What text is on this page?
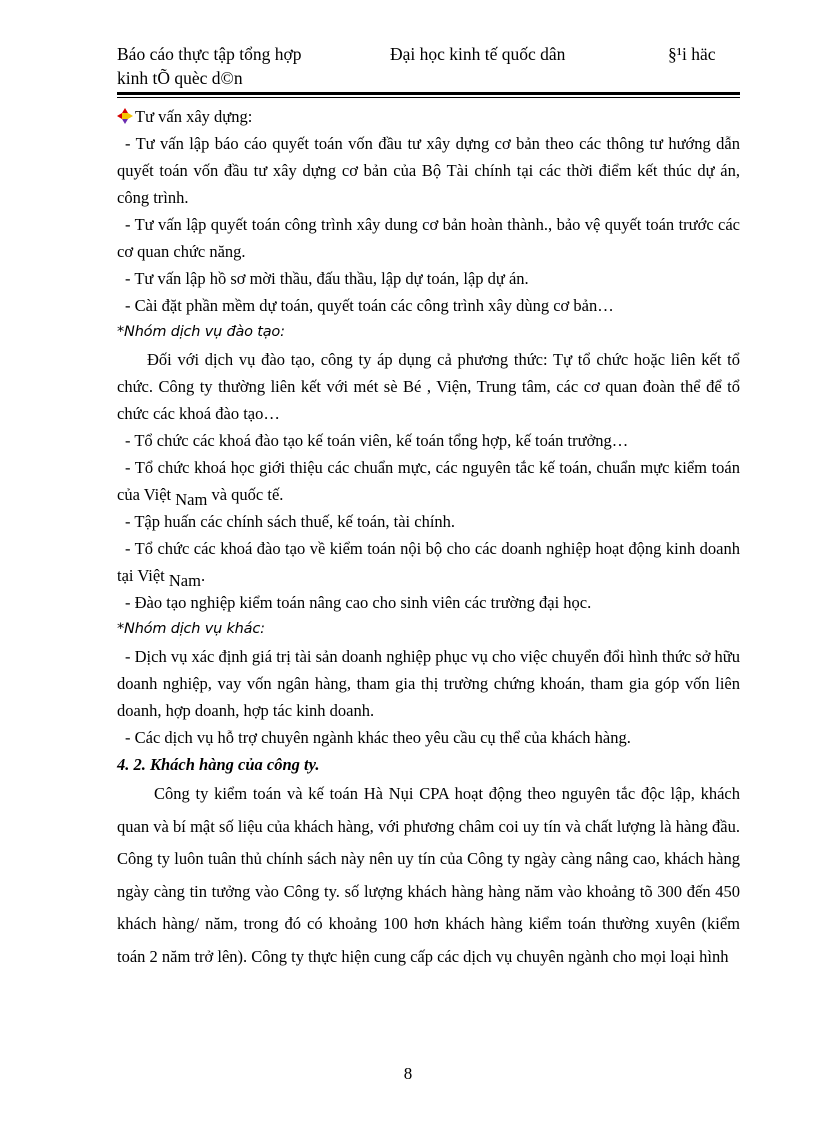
Báo cáo thực tập tổng hợp
kinh tÕ quèc d©n
Đại học kinh tế quốc dân	§¹i häc

Tư vấn xây dựng:

- Tư vấn lập báo cáo quyết toán vốn đầu tư xây dựng cơ bản theo các thông tư hướng dẫn quyết toán vốn đầu tư xây dựng cơ bản của Bộ Tài chính tại các thời điểm kết thúc dự án, công trình.

- Tư vấn lập quyết toán công trình xây dung cơ bản hoàn thành., bảo vệ quyết toán trước các cơ quan chức năng.

- Tư vấn lập hồ sơ mời thầu, đấu thầu, lập dự toán, lập dự án.

- Cài đặt phần mềm dự toán, quyết toán các công trình xây dùng cơ bản…

*Nhóm dịch vụ đào tạo:

Đối với dịch vụ đào tạo, công ty áp dụng cả phương thức: Tự tổ chức hoặc liên kết tổ chức. Công ty thường liên kết với mét sè Bé , Viện, Trung tâm, các cơ quan đoàn thể để tổ chức các khoá đào tạo…

- Tổ chức các khoá đào tạo kế toán viên, kế toán tổng hợp, kế toán trưởng…

- Tổ chức khoá học giới thiệu các chuẩn mực, các nguyên tắc kế toán, chuẩn mực kiểm toán của Việt Nam và quốc tế.

- Tập huấn các chính sách thuế, kế toán, tài chính.

- Tổ chức các khoá đào tạo về kiểm toán nội bộ cho các doanh nghiệp hoạt động kinh doanh tại Việt Nam.

- Đào tạo nghiệp kiểm toán nâng cao cho sinh viên các trường đại học.

*Nhóm dịch vụ khác:

- Dịch vụ xác định giá trị tài sản doanh nghiệp phục vụ cho việc chuyển đổi hình thức sở hữu doanh nghiệp, vay vốn ngân hàng, tham gia thị trường chứng khoán, tham gia góp vốn liên doanh, hợp doanh, hợp tác kinh doanh.

- Các dịch vụ hỗ trợ chuyên ngành khác theo yêu cầu cụ thể của khách hàng.

4. 2. Khách hàng của công ty.

Công ty kiểm toán và kế toán Hà Nụi CPA hoạt động theo nguyên tắc độc lập, khách quan và bí mật số liệu của khách hàng, với phương châm coi uy tín và chất lượng là hàng đầu. Công ty luôn tuân thủ chính sách này nên uy tín của Công ty ngày càng nâng cao, khách hàng ngày càng tin tưởng vào Công ty. số lượng khách hàng hàng năm vào khoảng tõ 300 đến 450 khách hàng/ năm, trong đó có khoảng 100 hơn khách hàng kiểm toán thường xuyên (kiểm toán 2 năm trở lên). Công ty thực hiện cung cấp các dịch vụ chuyên ngành cho mọi loại hình

8
